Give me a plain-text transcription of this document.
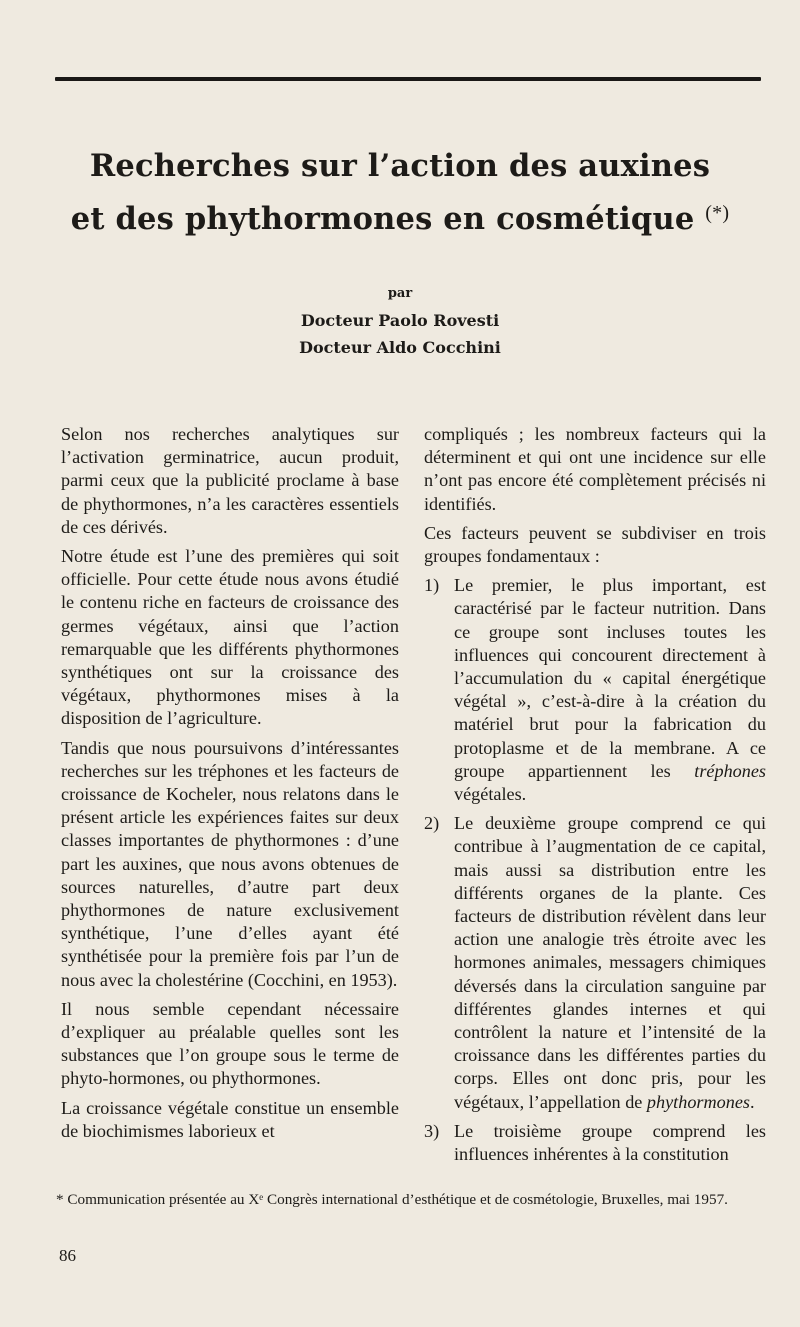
Recherches sur l’action des auxines
et des phythormones en cosmétique (*)
par
Docteur Paolo Rovesti
Docteur Aldo Cocchini

Selon nos recherches analytiques sur l’activation germinatrice, aucun produit, parmi ceux que la publicité proclame à base de phythormones, n’a les caractères essentiels de ces dérivés.

Notre étude est l’une des premières qui soit officielle. Pour cette étude nous avons étudié le contenu riche en facteurs de croissance des germes végétaux, ainsi que l’action remarquable que les différents phythormones synthétiques ont sur la croissance des végétaux, phythormones mises à la disposition de l’agriculture.

Tandis que nous poursuivons d’intéressantes recherches sur les tréphones et les facteurs de croissance de Kocheler, nous relatons dans le présent article les expériences faites sur deux classes importantes de phythormones : d’une part les auxines, que nous avons obtenues de sources naturelles, d’autre part deux phythormones de nature exclusivement synthétique, l’une d’elles ayant été synthétisée pour la première fois par l’un de nous avec la cholestérine (Cocchini, en 1953).

Il nous semble cependant nécessaire d’expliquer au préalable quelles sont les substances que l’on groupe sous le terme de phyto-hormones, ou phythormones.

La croissance végétale constitue un ensemble de biochimismes laborieux et

compliqués ; les nombreux facteurs qui la déterminent et qui ont une incidence sur elle n’ont pas encore été complètement précisés ni identifiés.

Ces facteurs peuvent se subdiviser en trois groupes fondamentaux :

1) Le premier, le plus important, est caractérisé par le facteur nutrition. Dans ce groupe sont incluses toutes les influences qui concourent directement à l’accumulation du « capital énergétique végétal », c’est-à-dire à la création du matériel brut pour la fabrication du protoplasme et de la membrane. A ce groupe appartiennent les tréphones végétales.
2) Le deuxième groupe comprend ce qui contribue à l’augmentation de ce capital, mais aussi sa distribution entre les différents organes de la plante. Ces facteurs de distribution révèlent dans leur action une analogie très étroite avec les hormones animales, messagers chimiques déversés dans la circulation sanguine par différentes glandes internes et qui contrôlent la nature et l’intensité de la croissance dans les différentes parties du corps. Elles ont donc pris, pour les végétaux, l’appellation de phythormones.
3) Le troisième groupe comprend les influences inhérentes à la constitution
* Communication présentée au Xᵉ Congrès international d’esthétique et de cosmétologie, Bruxelles, mai 1957.
86
